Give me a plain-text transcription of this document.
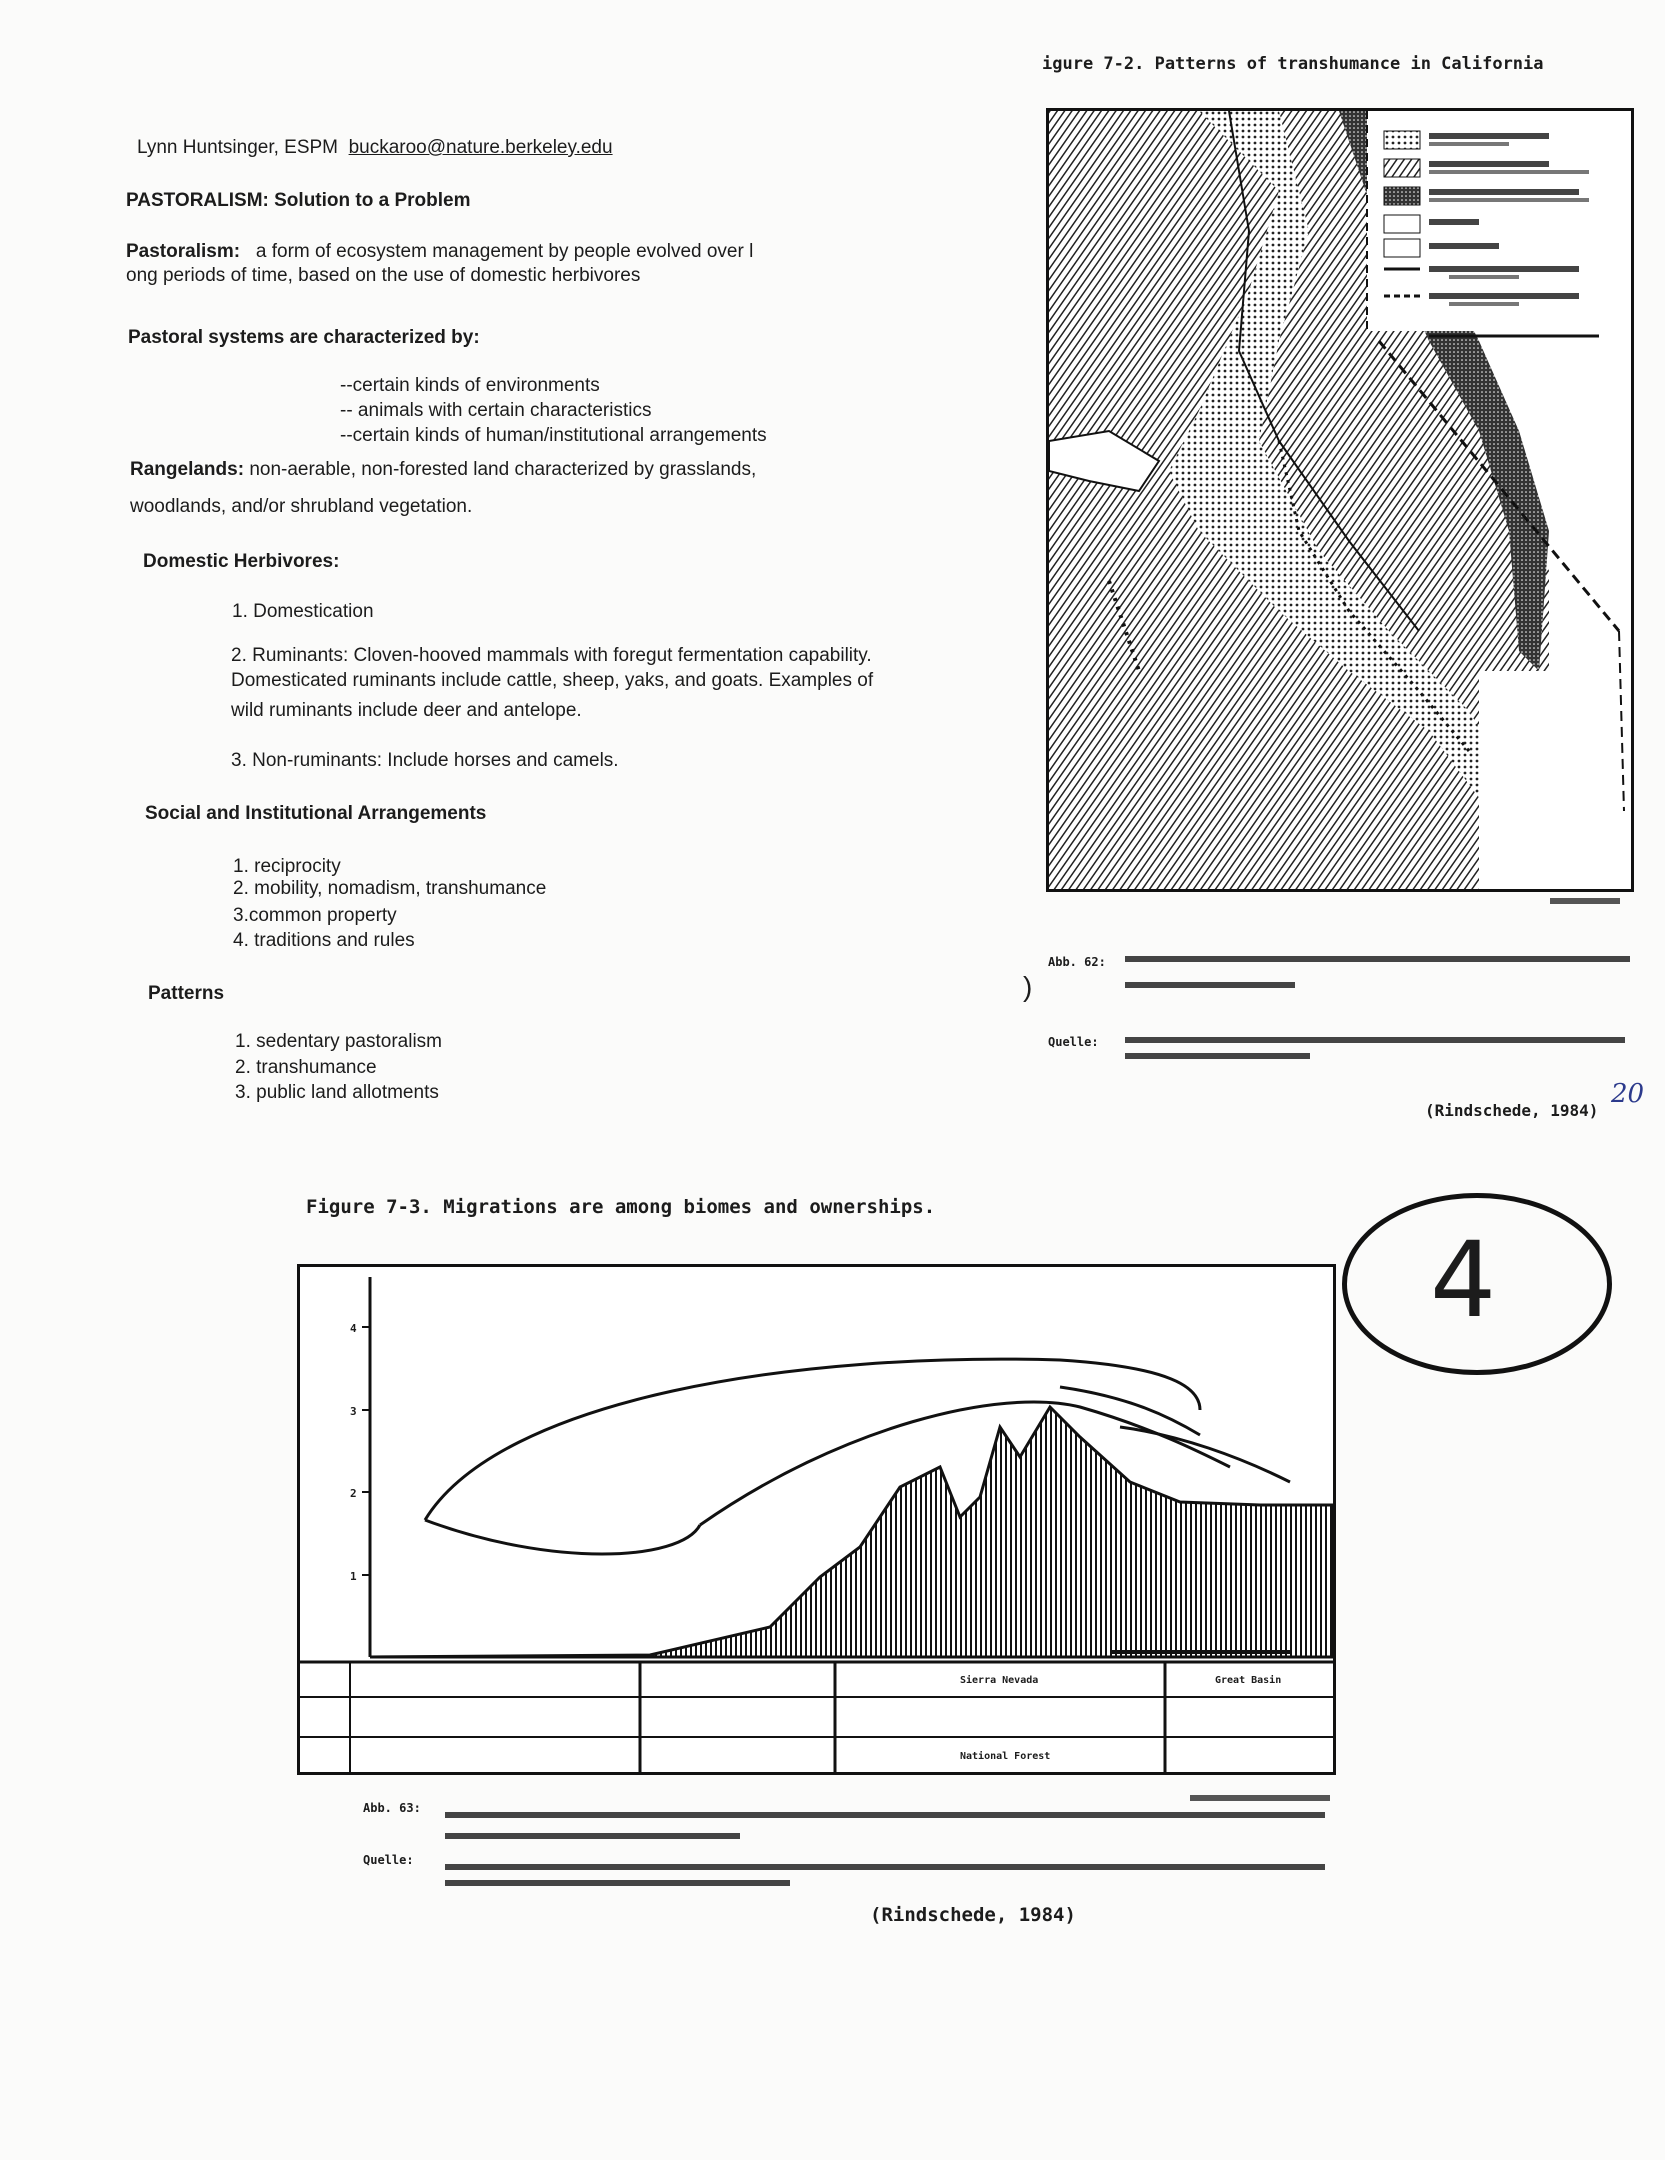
Lynn Huntsinger, ESPM buckaroo@nature.berkeley.edu
PASTORALISM: Solution to a Problem
Pastoralism: a form of ecosystem management by people evolved over l
ong periods of time, based on the use of domestic herbivores
Pastoral systems are characterized by:
--certain kinds of environments
-- animals with certain characteristics
--certain kinds of human/institutional arrangements
Rangelands: non-aerable, non-forested land characterized by grasslands,
woodlands, and/or shrubland vegetation.
Domestic Herbivores:
1. Domestication
2. Ruminants: Cloven-hooved mammals with foregut fermentation capability.
Domesticated ruminants include cattle, sheep, yaks, and goats. Examples of
wild ruminants include deer and antelope.
3. Non-ruminants: Include horses and camels.
Social and Institutional Arrangements
1. reciprocity
2. mobility, nomadism, transhumance
3.common property
4. traditions and rules
Patterns
1. sedentary pastoralism
2. transhumance
3. public land allotments
igure 7-2. Patterns of transhumance in California
Abb. 62:
)
Quelle:
(Rindschede, 1984)
20
4
Figure 7-3. Migrations are among biomes and ownerships.
4
3
2
1
Sierra Nevada	Great Basin
National Forest
Abb. 63:
Quelle:
(Rindschede, 1984)
